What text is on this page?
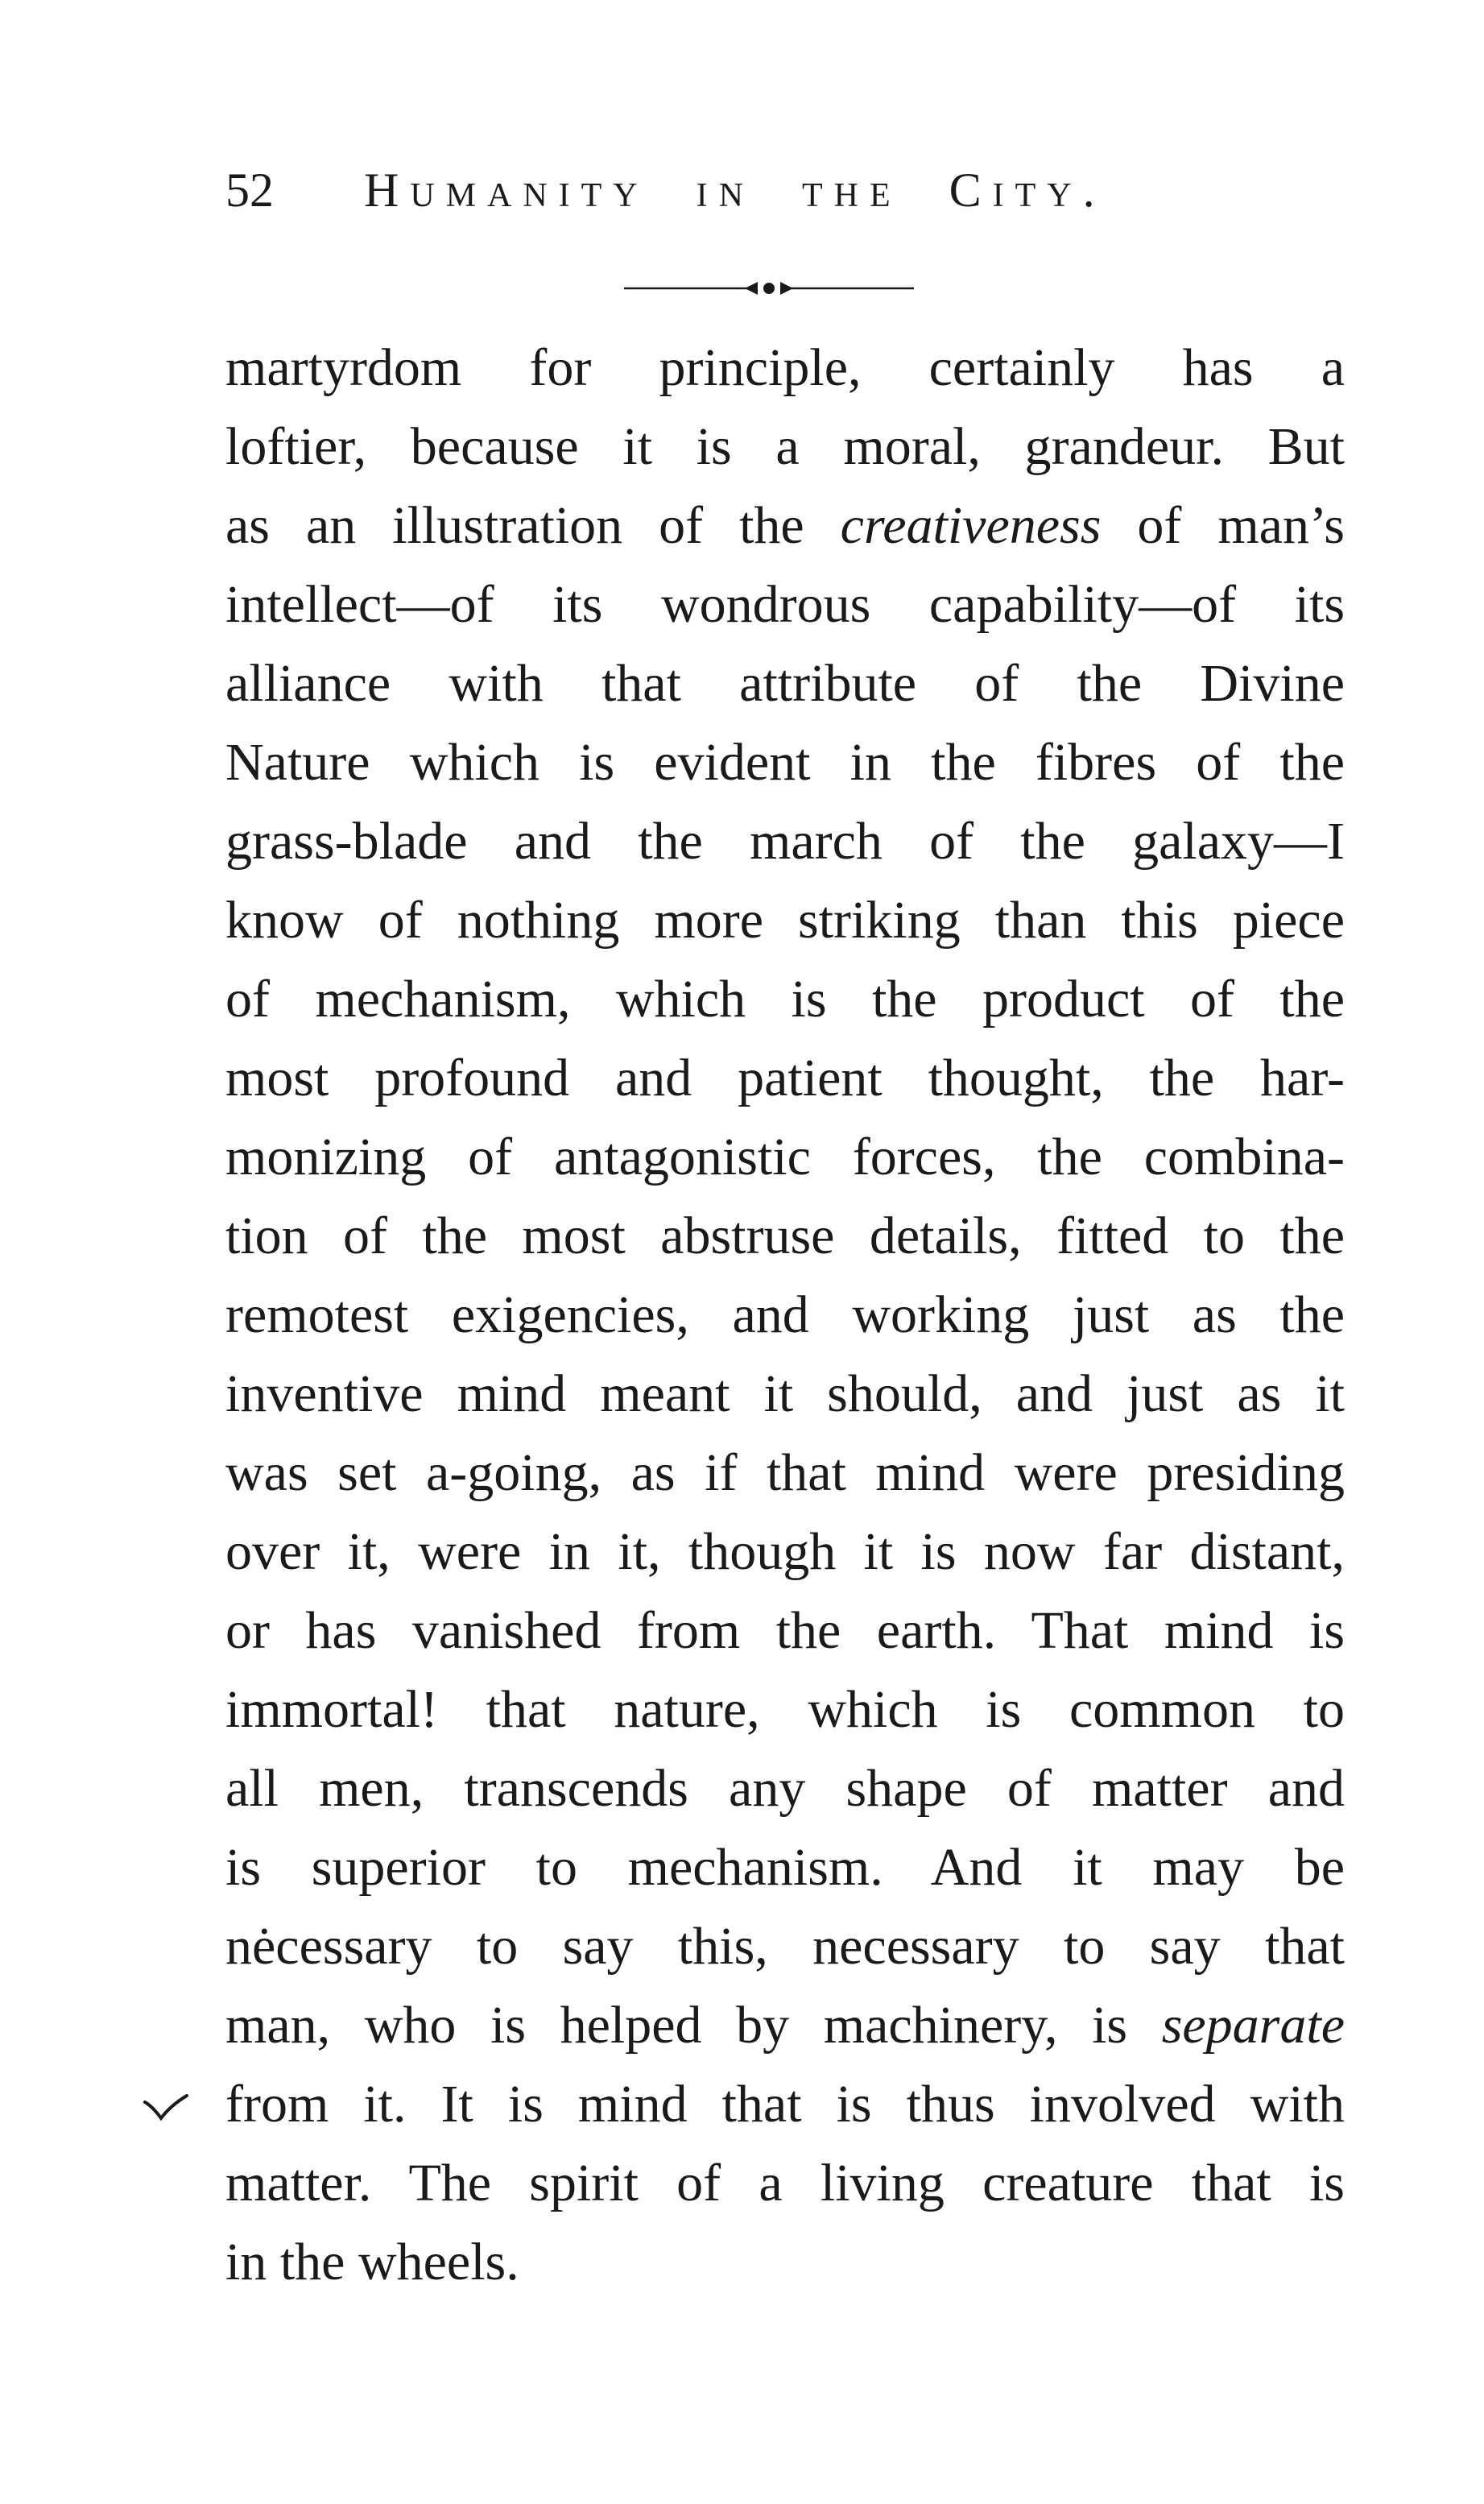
52 Humanity in the City.
martyrdom for principle, certainly has a
loftier, because it is a moral, grandeur. But
as an illustration of the creativeness of man’s
intellect—of its wondrous capability—of its
alliance with that attribute of the Divine
Nature which is evident in the fibres of the
grass-blade and the march of the galaxy—I
know of nothing more striking than this piece
of mechanism, which is the product of the
most profound and patient thought, the har-
monizing of antagonistic forces, the combina-
tion of the most abstruse details, fitted to the
remotest exigencies, and working just as the
inventive mind meant it should, and just as it
was set a-going, as if that mind were presiding
over it, were in it, though it is now far distant,
or has vanished from the earth. That mind is
immortal! that nature, which is common to
all men, transcends any shape of matter and
is superior to mechanism. And it may be
nėcessary to say this, necessary to say that
man, who is helped by machinery, is separate
from it. It is mind that is thus involved with
matter. The spirit of a living creature that is
in the wheels.
